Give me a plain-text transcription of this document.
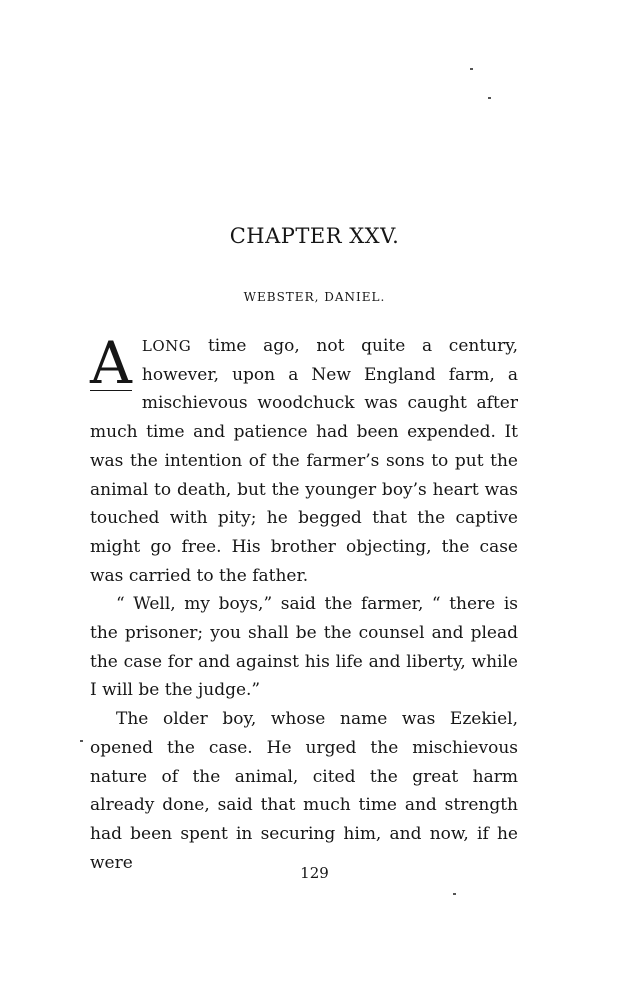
CHAPTER XXV.
WEBSTER, DANIEL.

A LONG time ago, not quite a century, however, upon a New England farm, a mischievous woodchuck was caught after much time and patience had been expended. It was the intention of the farmer’s sons to put the animal to death, but the younger boy’s heart was touched with pity; he begged that the captive might go free. His brother objecting, the case was carried to the father.

“ Well, my boys,” said the farmer, “ there is the prisoner; you shall be the counsel and plead the case for and against his life and liberty, while I will be the judge.”

The older boy, whose name was Ezekiel, opened the case. He urged the mischievous nature of the animal, cited the great harm already done, said that much time and strength had been spent in securing him, and now, if he were

129
